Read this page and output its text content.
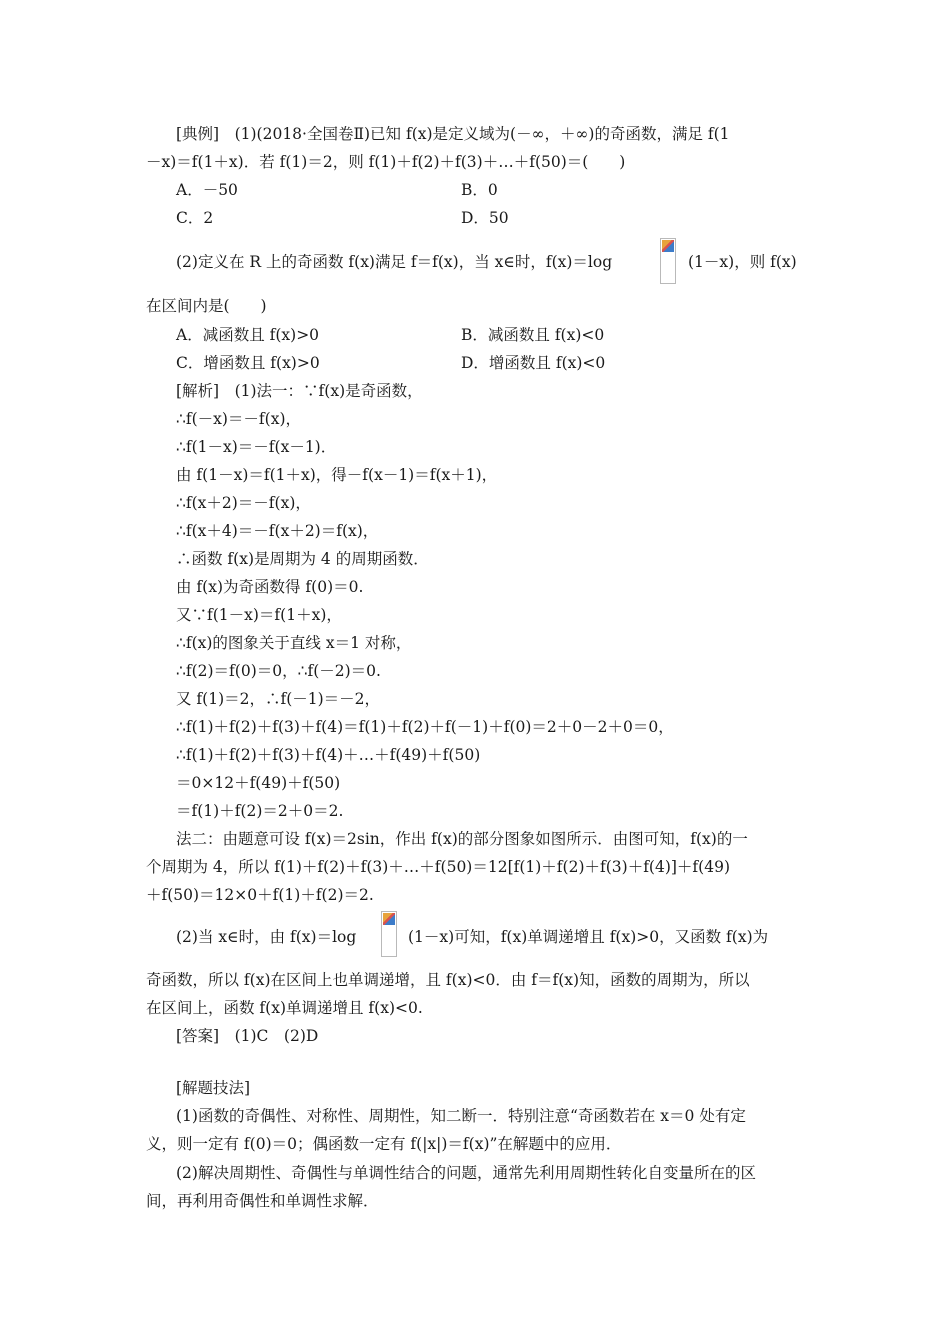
[典例]　(1)(2018·全国卷Ⅱ)已知 f(x)是定义域为(－∞，＋∞)的奇函数，满足 f(1
－x)＝f(1＋x)．若 f(1)＝2，则 f(1)＋f(2)＋f(3)＋…＋f(50)＝(　　)
A．－50	B．0
C．2	D．50
(2)定义在 R 上的奇函数 f(x)满足 f＝f(x)，当 x∈时，f(x)＝log	(1－x)，则 f(x)
在区间内是(　　)
A．减函数且 f(x)>0	B．减函数且 f(x)<0
C．增函数且 f(x)>0	D．增函数且 f(x)<0
[解析]　(1)法一：∵f(x)是奇函数，
∴f(－x)＝－f(x)，
∴f(1－x)＝－f(x－1)．
由 f(1－x)＝f(1＋x)，得－f(x－1)＝f(x＋1)，
∴f(x＋2)＝－f(x)，
∴f(x＋4)＝－f(x＋2)＝f(x)，
∴函数 f(x)是周期为 4 的周期函数．
由 f(x)为奇函数得 f(0)＝0.
又∵f(1－x)＝f(1＋x)，
∴f(x)的图象关于直线 x＝1 对称，
∴f(2)＝f(0)＝0，∴f(－2)＝0.
又 f(1)＝2，∴f(－1)＝－2，
∴f(1)＋f(2)＋f(3)＋f(4)＝f(1)＋f(2)＋f(－1)＋f(0)＝2＋0－2＋0＝0，
∴f(1)＋f(2)＋f(3)＋f(4)＋…＋f(49)＋f(50)
＝0×12＋f(49)＋f(50)
＝f(1)＋f(2)＝2＋0＝2.
法二：由题意可设 f(x)＝2sin，作出 f(x)的部分图象如图所示．由图可知，f(x)的一
个周期为 4，所以 f(1)＋f(2)＋f(3)＋…＋f(50)＝12[f(1)＋f(2)＋f(3)＋f(4)]＋f(49)
＋f(50)＝12×0＋f(1)＋f(2)＝2.
(2)当 x∈时，由 f(x)＝log	(1－x)可知，f(x)单调递增且 f(x)>0，又函数 f(x)为
奇函数，所以 f(x)在区间上也单调递增，且 f(x)<0．由 f＝f(x)知，函数的周期为，所以
在区间上，函数 f(x)单调递增且 f(x)<0.
[答案]　(1)C　(2)D
[解题技法]
(1)函数的奇偶性、对称性、周期性，知二断一．特别注意“奇函数若在 x＝0 处有定
义，则一定有 f(0)＝0；偶函数一定有 f(|x|)＝f(x)”在解题中的应用．
(2)解决周期性、奇偶性与单调性结合的问题，通常先利用周期性转化自变量所在的区
间，再利用奇偶性和单调性求解．
